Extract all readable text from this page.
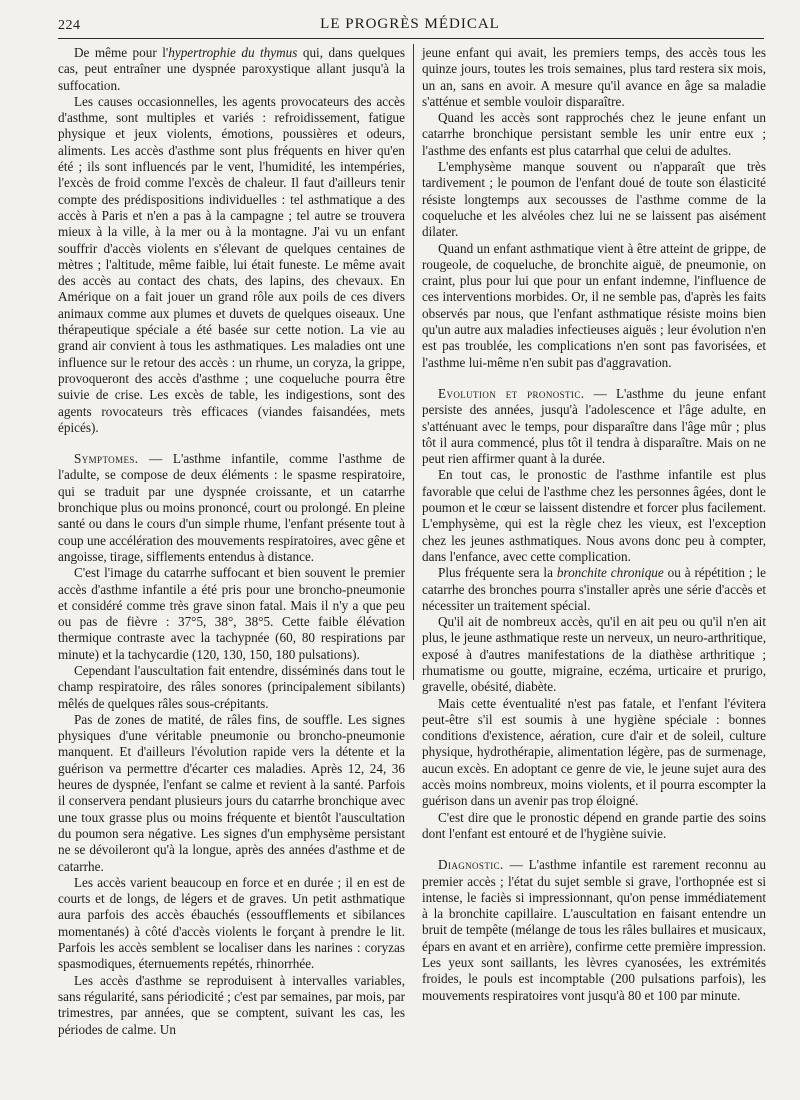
224	LE PROGRÈS MÉDICAL

De même pour l'hypertrophie du thymus qui, dans quelques cas, peut entraîner une dyspnée paroxystique allant jusqu'à la suffocation.

Les causes occasionnelles, les agents provocateurs des accès d'asthme, sont multiples et variés : refroidissement, fatigue physique et jeux violents, émotions, poussières et odeurs, aliments. Les accès d'asthme sont plus fréquents en hiver qu'en été ; ils sont influencés par le vent, l'humidité, les intempéries, l'excès de froid comme l'excès de chaleur. Il faut d'ailleurs tenir compte des prédispositions individuelles : tel asthmatique a des accès à Paris et n'en a pas à la campagne ; tel autre se trouvera mieux à la ville, à la mer ou à la montagne. J'ai vu un enfant souffrir d'accès violents en s'élevant de quelques centaines de mètres ; l'altitude, même faible, lui était funeste. Le même avait des accès au contact des chats, des lapins, des chevaux. En Amérique on a fait jouer un grand rôle aux poils de ces divers animaux comme aux plumes et duvets de quelques oiseaux. Une thérapeutique spéciale a été basée sur cette notion. La vie au grand air convient à tous les asthmatiques. Les maladies ont une influence sur le retour des accès : un rhume, un coryza, la grippe, provoqueront des accès d'asthme ; une coqueluche pourra être suivie de crise. Les excès de table, les indigestions, sont des agents rovocateurs très efficaces (viandes faisandées, mets épicés).

Symptomes. — L'asthme infantile, comme l'asthme de l'adulte, se compose de deux éléments : le spasme respiratoire, qui se traduit par une dyspnée croissante, et un catarrhe bronchique plus ou moins prononcé, court ou prolongé. En pleine santé ou dans le cours d'un simple rhume, l'enfant présente tout à coup une accélération des mouvements respiratoires, avec gêne et angoisse, tirage, sifflements entendus à distance.

C'est l'image du catarrhe suffocant et bien souvent le premier accès d'asthme infantile a été pris pour une broncho-pneumonie et considéré comme très grave sinon fatal. Mais il n'y a que peu ou pas de fièvre : 37°5, 38°, 38°5. Cette faible élévation thermique contraste avec la tachypnée (60, 80 respirations par minute) et la tachycardie (120, 130, 150, 180 pulsations).

Cependant l'auscultation fait entendre, disséminés dans tout le champ respiratoire, des râles sonores (principalement sibilants) mêlés de quelques râles sous-crépitants.

Pas de zones de matité, de râles fins, de souffle. Les signes physiques d'une véritable pneumonie ou broncho-pneumonie manquent. Et d'ailleurs l'évolution rapide vers la détente et la guérison va permettre d'écarter ces maladies. Après 12, 24, 36 heures de dyspnée, l'enfant se calme et revient à la santé. Parfois il conservera pendant plusieurs jours du catarrhe bronchique avec une toux grasse plus ou moins fréquente et bientôt l'auscultation du poumon sera négative. Les signes d'un emphysème persistant ne se dévoileront qu'à la longue, après des années d'asthme et de catarrhe.

Les accès varient beaucoup en force et en durée ; il en est de courts et de longs, de légers et de graves. Un petit asthmatique aura parfois des accès ébauchés (essoufflements et sibilances momentanés) à côté d'accès violents le forçant à prendre le lit. Parfois les accès semblent se localiser dans les narines : coryzas spasmodiques, éternuements repétés, rhinorrhée.

Les accès d'asthme se reproduisent à intervalles variables, sans régularité, sans périodicité ; c'est par semaines, par mois, par trimestres, par années, que se comptent, suivant les cas, les périodes de calme. Un

jeune enfant qui avait, les premiers temps, des accès tous les quinze jours, toutes les trois semaines, plus tard restera six mois, un an, sans en avoir. A mesure qu'il avance en âge sa maladie s'atténue et semble vouloir disparaître.

Quand les accès sont rapprochés chez le jeune enfant un catarrhe bronchique persistant semble les unir entre eux ; l'asthme des enfants est plus catarrhal que celui de adultes.

L'emphysème manque souvent ou n'apparaît que très tardivement ; le poumon de l'enfant doué de toute son élasticité résiste longtemps aux secousses de l'asthme comme de la coqueluche et les alvéoles chez lui ne se laissent pas aisément dilater.

Quand un enfant asthmatique vient à être atteint de grippe, de rougeole, de coqueluche, de bronchite aiguë, de pneumonie, on craint, plus pour lui que pour un enfant indemne, l'influence de ces interventions morbides. Or, il ne semble pas, d'après les faits observés par nous, que l'enfant asthmatique résiste moins bien qu'un autre aux maladies infectieuses aiguës ; leur évolution n'en est pas troublée, les complications n'en sont pas favorisées, et l'asthme lui-même n'en subit pas d'aggravation.

Evolution et pronostic. — L'asthme du jeune enfant persiste des années, jusqu'à l'adolescence et l'âge adulte, en s'atténuant avec le temps, pour disparaître dans l'âge mûr ; plus tôt il aura commencé, plus tôt il tendra à disparaître. Mais on ne peut rien affirmer quant à la durée.

En tout cas, le pronostic de l'asthme infantile est plus favorable que celui de l'asthme chez les personnes âgées, dont le poumon et le cœur se laissent distendre et forcer plus facilement. L'emphysème, qui est la règle chez les vieux, est l'exception chez les jeunes asthmatiques. Nous avons donc peu à compter, dans l'enfance, avec cette complication.

Plus fréquente sera la bronchite chronique ou à répétition ; le catarrhe des bronches pourra s'installer après une série d'accès et nécessiter un traitement spécial.

Qu'il ait de nombreux accès, qu'il en ait peu ou qu'il n'en ait plus, le jeune asthmatique reste un nerveux, un neuro-arthritique, exposé à d'autres manifestations de la diathèse arthritique ; rhumatisme ou goutte, migraine, eczéma, urticaire et prurigo, gravelle, obésité, diabète.

Mais cette éventualité n'est pas fatale, et l'enfant l'évitera peut-être s'il est soumis à une hygiène spéciale : bonnes conditions d'existence, aération, cure d'air et de soleil, culture physique, hydrothérapie, alimentation légère, pas de surmenage, aucun excès. En adoptant ce genre de vie, le jeune sujet aura des accès moins nombreux, moins violents, et il pourra escompter la guérison dans un avenir pas trop éloigné.

C'est dire que le pronostic dépend en grande partie des soins dont l'enfant est entouré et de l'hygiène suivie.

Diagnostic. — L'asthme infantile est rarement reconnu au premier accès ; l'état du sujet semble si grave, l'orthopnée est si intense, le faciès si impressionnant, qu'on pense immédiatement à la bronchite capillaire. L'auscultation en faisant entendre un bruit de tempête (mélange de tous les râles bullaires et musicaux, épars en avant et en arrière), confirme cette première impression. Les yeux sont saillants, les lèvres cyanosées, les extrémités froides, le pouls est incomptable (200 pulsations parfois), les mouvements respiratoires vont jusqu'à 80 et 100 par minute.
